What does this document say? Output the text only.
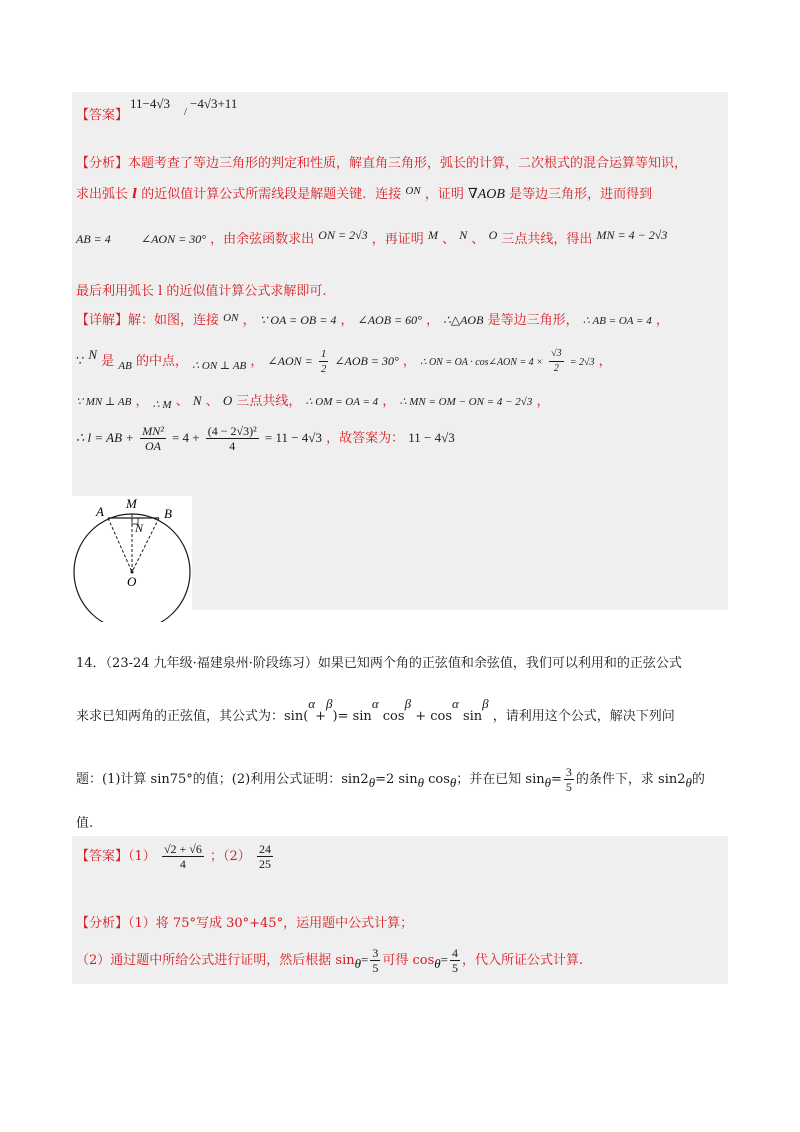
【答案】
11−4√3
/
−4√3+11
【分析】本题考查了等边三角形的判定和性质，解直角三角形，弧长的计算，二次根式的混合运算等知识，
求出弧长 l 的近似值计算公式所需线段是解题关键．连接 $^{ON}$ ，证明 ∇AOB 是等边三角形，进而得到
AB = 4	∠AON = 30° ，由余弦函数求出 ON = 2√3 ，再证明 M 、 N 、 O 三点共线，得出 MN = 4 − 2√3
最后利用弧长 l 的近似值计算公式求解即可.
【详解】解：如图，连接 $^{ON}$ ， ∵ OA = OB = 4 ， ∠AOB = 60° ， ∴△AOB 是等边三角形， ∴ AB = OA = 4 ，
∵ N 是 $_{AB}$ 的中点， $_{\therefore ON \perp AB}$ ， ∠AON = $\frac{1}{2}$ ∠AOB = 30° ， ∴ ON = OA · cos∠AON = $4 \times \frac{√3}{2} = 2√3$ ，
∵ MN ⊥ AB ， $_{\therefore M}$ 、 N 、 O 三点共线， ∴ OM = OA = 4 ， ∴ MN = OM − ON = 4 − 2√3 ，
∴ l = AB + $\frac{\text{MN²}}{OA} = 4 + \frac{\text{(4 − 2√3)²}}{4} = 11 - 4√3$ ，故答案为： 11 − 4√3
A
M
B
N
O
14．（23-24 九年级·福建泉州·阶段练习）如果已知两个角的正弦值和余弦值，我们可以利用和的正弦公式
来求已知两角的正弦值，其公式为：sin(α+β)= sinα cosβ + cosα sinβ ，请利用这个公式，解决下列问
题：(1)计算 sin75°的值；(2)利用公式证明：sin2θ=2 sinθ cosθ；并在已知 $\sin\theta= \frac{3}{5}$ 的条件下，求 sin2θ的
值.
【答案】$(1) \frac{√2 + √6}{4}$ ；$(2) \frac{24}{25}$
【分析】（1）将 75°写成 30°+45°，运用题中公式计算；
（2）通过题中所给公式进行证明，然后根据 $\sin\theta= \frac{3}{5}$ 可得 $\cos\theta= \frac{4}{5}$ ，代入所证公式计算.
